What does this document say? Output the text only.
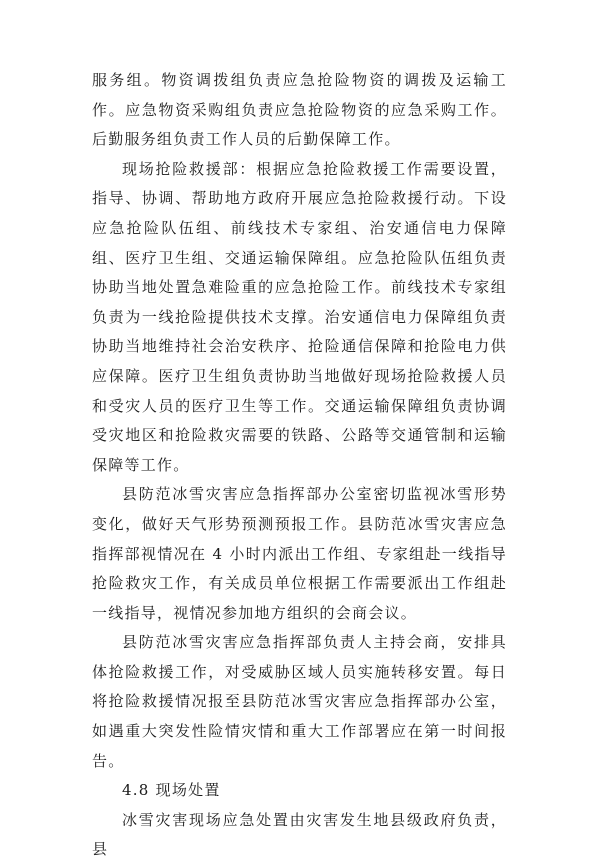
服务组。物资调拨组负责应急抢险物资的调拨及运输工作。应急物资采购组负责应急抢险物资的应急采购工作。后勤服务组负责工作人员的后勤保障工作。

现场抢险救援部：根据应急抢险救援工作需要设置，指导、协调、帮助地方政府开展应急抢险救援行动。下设应急抢险队伍组、前线技术专家组、治安通信电力保障组、医疗卫生组、交通运输保障组。应急抢险队伍组负责协助当地处置急难险重的应急抢险工作。前线技术专家组负责为一线抢险提供技术支撑。治安通信电力保障组负责协助当地维持社会治安秩序、抢险通信保障和抢险电力供应保障。医疗卫生组负责协助当地做好现场抢险救援人员和受灾人员的医疗卫生等工作。交通运输保障组负责协调受灾地区和抢险救灾需要的铁路、公路等交通管制和运输保障等工作。

县防范冰雪灾害应急指挥部办公室密切监视冰雪形势变化，做好天气形势预测预报工作。县防范冰雪灾害应急指挥部视情况在 4 小时内派出工作组、专家组赴一线指导抢险救灾工作，有关成员单位根据工作需要派出工作组赴一线指导，视情况参加地方组织的会商会议。

县防范冰雪灾害应急指挥部负责人主持会商，安排具体抢险救援工作，对受威胁区域人员实施转移安置。每日将抢险救援情况报至县防范冰雪灾害应急指挥部办公室，如遇重大突发性险情灾情和重大工作部署应在第一时间报告。

4.8 现场处置

冰雪灾害现场应急处置由灾害发生地县级政府负责，县
